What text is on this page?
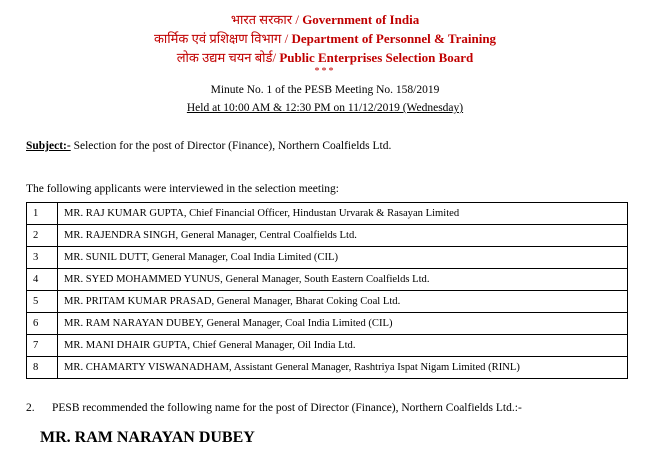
भारत सरकार / Government of India
कार्मिक एवं प्रशिक्षण विभाग / Department of Personnel & Training
लोक उद्यम चयन बोर्ड/ Public Enterprises Selection Board
***
Minute No. 1 of the PESB Meeting No. 158/2019
Held at 10:00 AM & 12:30 PM on 11/12/2019 (Wednesday)
Subject:- Selection for the post of Director (Finance), Northern Coalfields Ltd.
The following applicants were interviewed in the selection meeting:
1	MR. RAJ KUMAR GUPTA, Chief Financial Officer, Hindustan Urvarak & Rasayan Limited
2	MR. RAJENDRA SINGH, General Manager, Central Coalfields Ltd.
3	MR. SUNIL DUTT, General Manager, Coal India Limited (CIL)
4	MR. SYED MOHAMMED YUNUS, General Manager, South Eastern Coalfields Ltd.
5	MR. PRITAM KUMAR PRASAD, General Manager, Bharat Coking Coal Ltd.
6	MR. RAM NARAYAN DUBEY, General Manager, Coal India Limited (CIL)
7	MR. MANI DHAIR GUPTA, Chief General Manager, Oil India Ltd.
8	MR. CHAMARTY VISWANADHAM, Assistant General Manager, Rashtriya Ispat Nigam Limited (RINL)
2. PESB recommended the following name for the post of Director (Finance), Northern Coalfields Ltd.:-
MR. RAM NARAYAN DUBEY
